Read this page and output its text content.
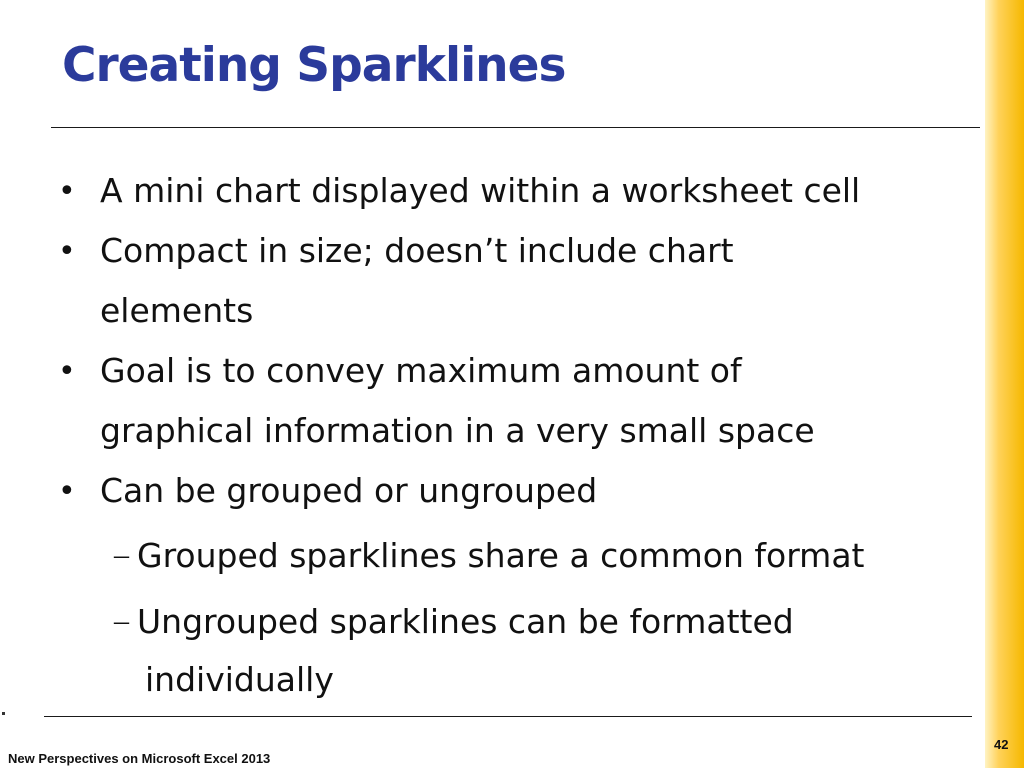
Creating Sparklines
• A mini chart displayed within a worksheet cell
• Compact in size; doesn’t include chart
elements
• Goal is to convey maximum amount of
graphical information in a very small space
• Can be grouped or ungrouped
– Grouped sparklines share a common format
– Ungrouped sparklines can be formatted
individually
New Perspectives on Microsoft Excel 2013
42
